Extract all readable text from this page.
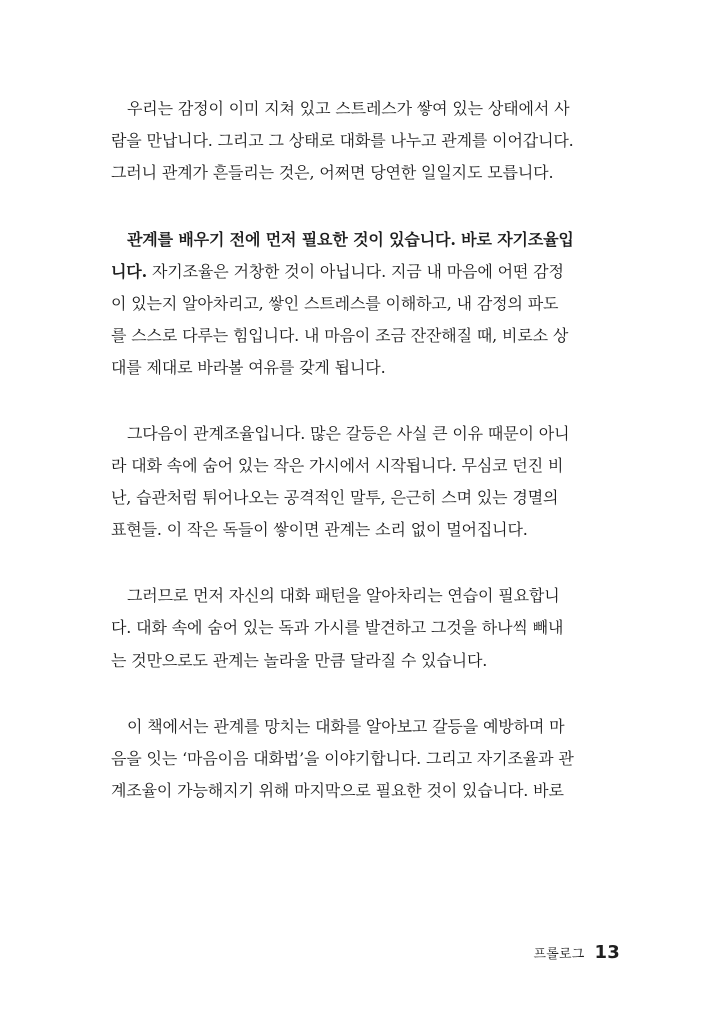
우리는 감정이 이미 지쳐 있고 스트레스가 쌓여 있는 상태에서 사
람을 만납니다. 그리고 그 상태로 대화를 나누고 관계를 이어갑니다.
그러니 관계가 흔들리는 것은, 어쩌면 당연한 일일지도 모릅니다.

관계를 배우기 전에 먼저 필요한 것이 있습니다. 바로 자기조율입
니다. 자기조율은 거창한 것이 아닙니다. 지금 내 마음에 어떤 감정
이 있는지 알아차리고, 쌓인 스트레스를 이해하고, 내 감정의 파도
를 스스로 다루는 힘입니다. 내 마음이 조금 잔잔해질 때, 비로소 상
대를 제대로 바라볼 여유를 갖게 됩니다.

그다음이 관계조율입니다. 많은 갈등은 사실 큰 이유 때문이 아니
라 대화 속에 숨어 있는 작은 가시에서 시작됩니다. 무심코 던진 비
난, 습관처럼 튀어나오는 공격적인 말투, 은근히 스며 있는 경멸의
표현들. 이 작은 독들이 쌓이면 관계는 소리 없이 멀어집니다.

그러므로 먼저 자신의 대화 패턴을 알아차리는 연습이 필요합니
다. 대화 속에 숨어 있는 독과 가시를 발견하고 그것을 하나씩 빼내
는 것만으로도 관계는 놀라울 만큼 달라질 수 있습니다.

이 책에서는 관계를 망치는 대화를 알아보고 갈등을 예방하며 마
음을 잇는 ‘마음이음 대화법’을 이야기합니다. 그리고 자기조율과 관
계조율이 가능해지기 위해 마지막으로 필요한 것이 있습니다. 바로

프롤로그 13
